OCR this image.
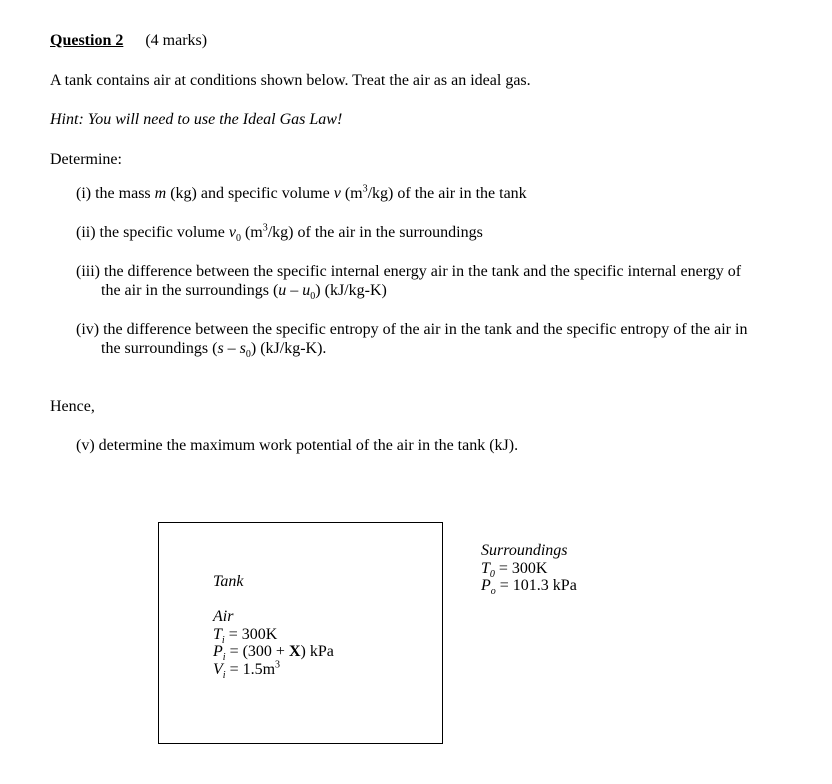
Question 2 (4 marks)
A tank contains air at conditions shown below. Treat the air as an ideal gas.
Hint: You will need to use the Ideal Gas Law!
Determine:
(i) the mass m (kg) and specific volume v $(m^3/kg)$ of the air in the tank
(ii) the specific volume $v_0$ $(m^3/kg)$ of the air in the surroundings
(iii) the difference between the specific internal energy air in the tank and the specific internal energy of
the air in the surroundings $(u - u_0)$ (kJ/kg-K)
(iv) the difference between the specific entropy of the air in the tank and the specific entropy of the air in
the surroundings $(s - s_0)$ (kJ/kg-K).
Hence,
(v) determine the maximum work potential of the air in the tank (kJ).
Tank
Air
$T_i = 300K$
$P_i = (300 + X)$ kPa
$V_i = 1.5m^3$
Surroundings
$T_0 = 300K$
$P_o = 101.3$ kPa
